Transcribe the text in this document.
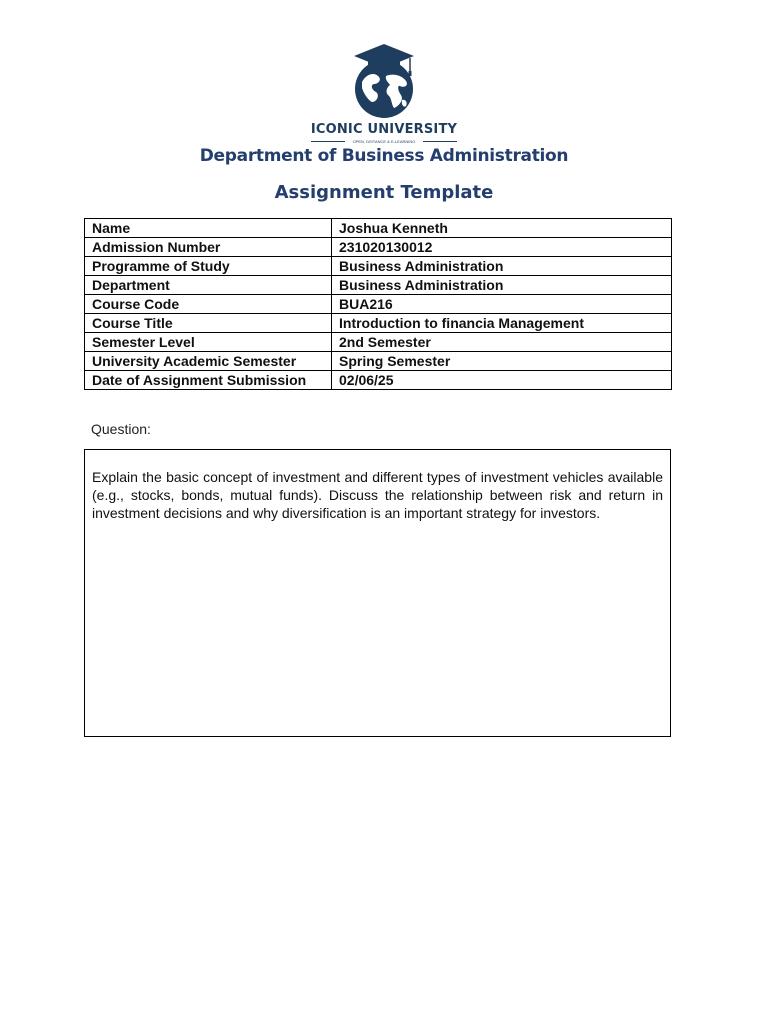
ICONIC UNIVERSITY
OPEN, DISTANCE & E-LEARNING
Department of Business Administration
Assignment Template
Name	Joshua Kenneth
Admission Number	231020130012
Programme of Study	Business Administration
Department	Business Administration
Course Code	BUA216
Course Title	Introduction to financia Management
Semester Level	2nd Semester
University Academic Semester	Spring Semester
Date of Assignment Submission	02/06/25
Question:

Explain the basic concept of investment and different types of investment vehicles available (e.g., stocks, bonds, mutual funds). Discuss the relationship between risk and return in investment decisions and why diversification is an important strategy for investors.
